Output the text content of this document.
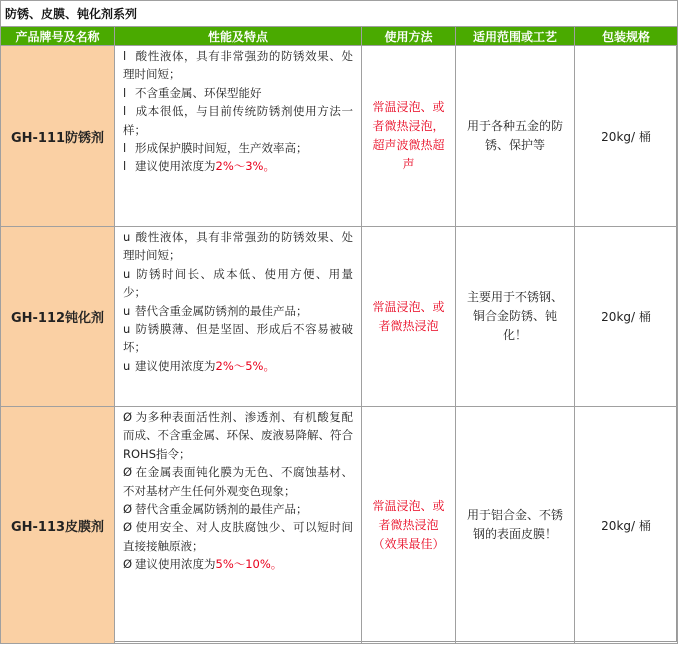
防锈、皮膜、钝化剂系列				
产品牌号及名称	性能及特点	使用方法	适用范围或工艺	包装规格
GH-111防锈剂	l 酸性液体，具有非常强劲的防锈效果、处理时间短；
l 不含重金属、环保型能好
l 成本很低，与目前传统防锈剂使用方法一样；
l 形成保护膜时间短，生产效率高；
l 建议使用浓度为2%～3%。	常温浸泡、或者微热浸泡，超声波微热超声	用于各种五金的防锈、保护等	20kg/ 桶
GH-112钝化剂	u 酸性液体，具有非常强劲的防锈效果、处理时间短；
u 防锈时间长、成本低、使用方便、用量少；
u 替代含重金属防锈剂的最佳产品；
u 防锈膜薄、但是坚固、形成后不容易被破坏；
u 建议使用浓度为2%～5%。	常温浸泡、或者微热浸泡	主要用于不锈钢、铜合金防锈、钝化！	20kg/ 桶
GH-113皮膜剂	Ø 为多种表面活性剂、渗透剂、有机酸复配而成、不含重金属、环保、废液易降解、符合ROHS指令；
Ø 在金属表面钝化膜为无色、不腐蚀基材、不对基材产生任何外观变色现象；
Ø 替代含重金属防锈剂的最佳产品；
Ø 使用安全、对人皮肤腐蚀少、可以短时间直接接触原液；
Ø 建议使用浓度为5%～10%。	常温浸泡、或者微热浸泡（效果最佳）	用于铝合金、不锈钢的表面皮膜！	20kg/ 桶
